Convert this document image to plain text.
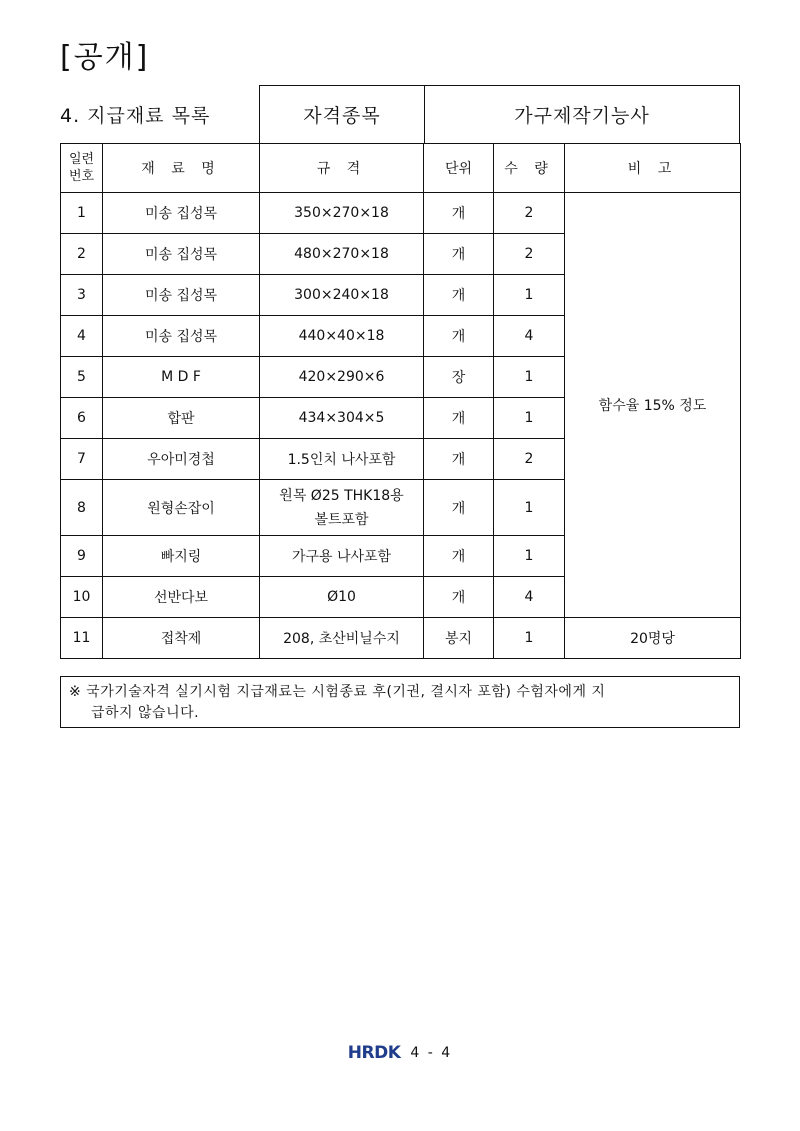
[공개]
4. 지급재료 목록	자격종목	가구제작기능사
일련
번호	재 료 명	규 격	단위	수 량	비 고
1	미송 집성목	350×270×18	개	2	함수율 15% 정도
2	미송 집성목	480×270×18	개	2	
3	미송 집성목	300×240×18	개	1	
4	미송 집성목	440×40×18	개	4	
5	M D F	420×290×6	장	1	
6	합판	434×304×5	개	1	
7	우아미경첩	1.5인치 나사포함	개	2	
8	원형손잡이	원목 Ø25 THK18용
볼트포함	개	1	
9	빠지링	가구용 나사포함	개	1	
10	선반다보	Ø10	개	4	
11	접착제	208, 초산비닐수지	봉지	1	20명당
※ 국가기술자격 실기시험 지급재료는 시험종료 후(기권, 결시자 포함) 수험자에게 지
급하지 않습니다.
HRDK 4 - 4
